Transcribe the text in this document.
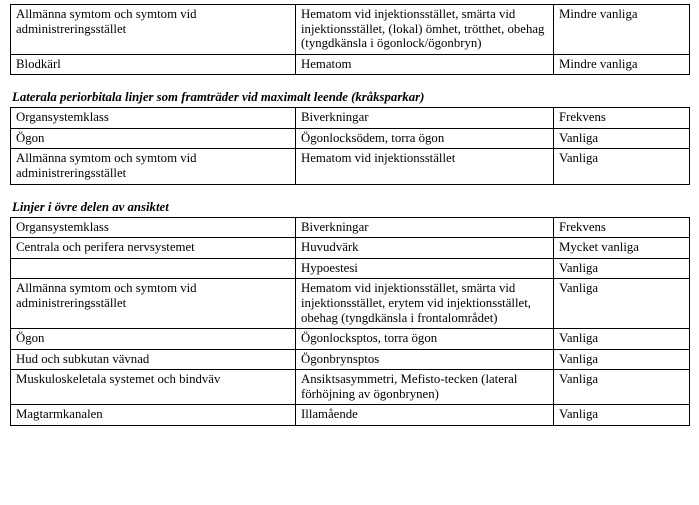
Allmänna symtom och symtom vid administreringsstället	Hematom vid injektionsstället, smärta vid injektionsstället, (lokal) ömhet, trötthet, obehag (tyngdkänsla i ögonlock/ögonbryn)	Mindre vanliga
Blodkärl	Hematom	Mindre vanliga

Laterala periorbitala linjer som framträder vid maximalt leende (kråksparkar)

Organsystemklass	Biverkningar	Frekvens
Ögon	Ögonlocksödem, torra ögon	Vanliga
Allmänna symtom och symtom vid administreringsstället	Hematom vid injektionsstället	Vanliga

Linjer i övre delen av ansiktet

Organsystemklass	Biverkningar	Frekvens
Centrala och perifera nervsystemet	Huvudvärk	Mycket vanliga
	Hypoestesi	Vanliga
Allmänna symtom och symtom vid administreringsstället	Hematom vid injektionsstället, smärta vid injektionsstället, erytem vid injektionsstället, obehag (tyngdkänsla i frontalområdet)	Vanliga
Ögon	Ögonlocksptos, torra ögon	Vanliga
Hud och subkutan vävnad	Ögonbrynsptos	Vanliga
Muskuloskeletala systemet och bindväv	Ansiktsasymmetri, Mefisto-tecken (lateral förhöjning av ögonbrynen)	Vanliga
Magtarmkanalen	Illamående	Vanliga
